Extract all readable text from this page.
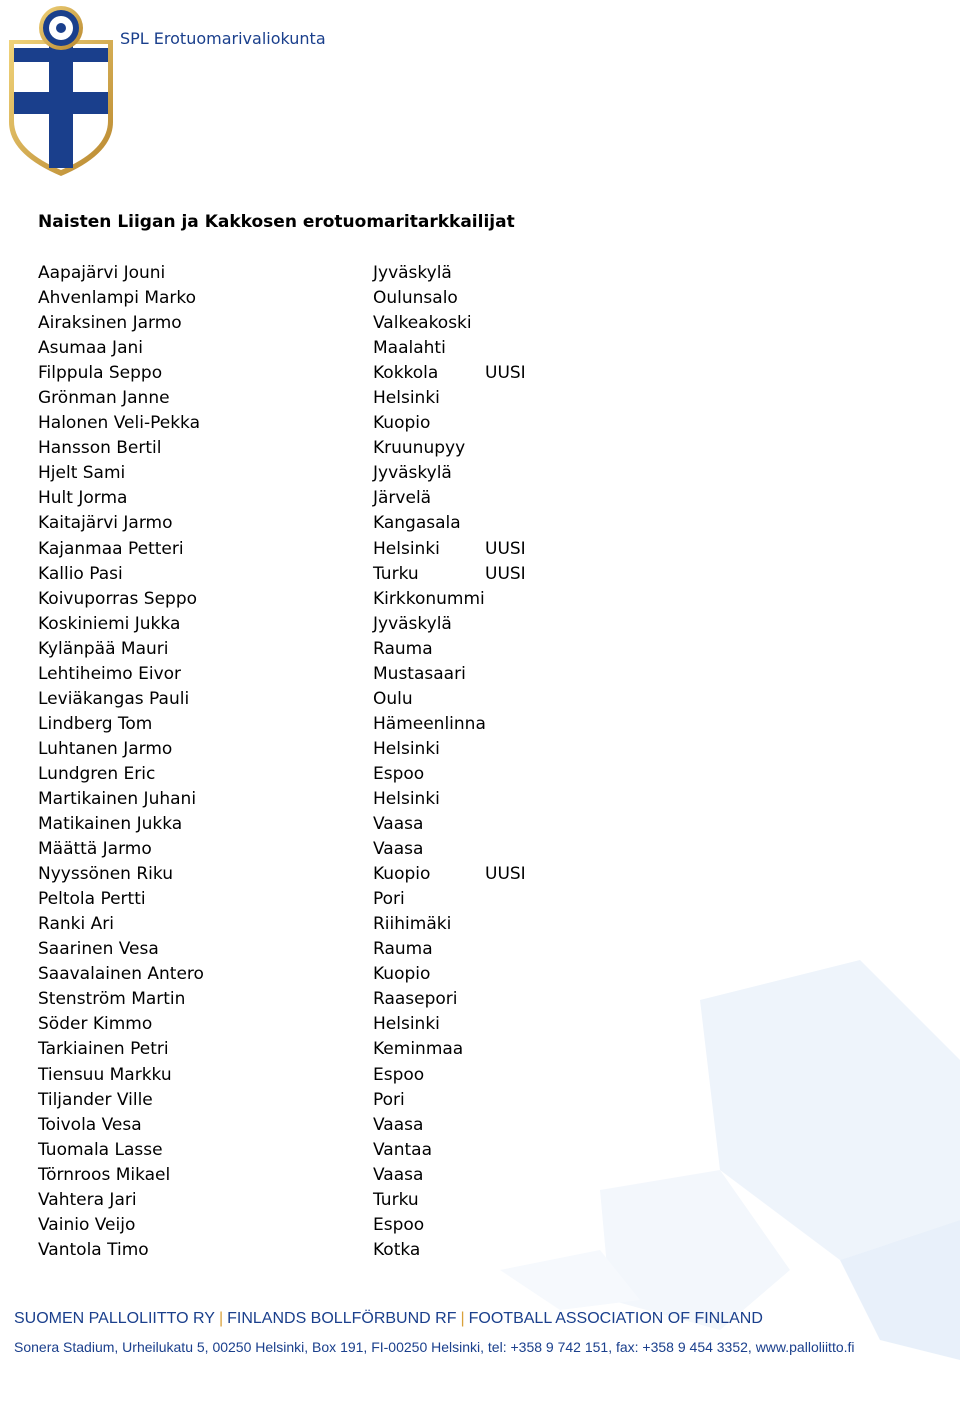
SPL Erotuomarivaliokunta
Naisten Liigan ja Kakkosen erotuomaritarkkailijat
Aapajärvi Jouni	Jyväskylä
Ahvenlampi Marko	Oulunsalo
Airaksinen Jarmo	Valkeakoski
Asumaa Jani	Maalahti
Filppula Seppo	Kokkola	UUSI
Grönman Janne	Helsinki
Halonen Veli-Pekka	Kuopio
Hansson Bertil	Kruunupyy
Hjelt Sami	Jyväskylä
Hult Jorma	Järvelä
Kaitajärvi Jarmo	Kangasala
Kajanmaa Petteri	Helsinki	UUSI
Kallio Pasi	Turku	UUSI
Koivuporras Seppo	Kirkkonummi
Koskiniemi Jukka	Jyväskylä
Kylänpää Mauri	Rauma
Lehtiheimo Eivor	Mustasaari
Leviäkangas Pauli	Oulu
Lindberg Tom	Hämeenlinna
Luhtanen Jarmo	Helsinki
Lundgren Eric	Espoo
Martikainen Juhani	Helsinki
Matikainen Jukka	Vaasa
Määttä Jarmo	Vaasa
Nyyssönen Riku	Kuopio	UUSI
Peltola Pertti	Pori
Ranki Ari	Riihimäki
Saarinen Vesa	Rauma
Saavalainen Antero	Kuopio
Stenström Martin	Raasepori
Söder Kimmo	Helsinki
Tarkiainen Petri	Keminmaa
Tiensuu Markku	Espoo
Tiljander Ville	Pori
Toivola Vesa	Vaasa
Tuomala Lasse	Vantaa
Törnroos Mikael	Vaasa
Vahtera Jari	Turku
Vainio Veijo	Espoo
Vantola Timo	Kotka
SUOMEN PALLOLIITTO RY | FINLANDS BOLLFÖRBUND RF | FOOTBALL ASSOCIATION OF FINLAND
Sonera Stadium, Urheilukatu 5, 00250 Helsinki, Box 191, FI-00250 Helsinki, tel: +358 9 742 151, fax: +358 9 454 3352, www.palloliitto.fi
